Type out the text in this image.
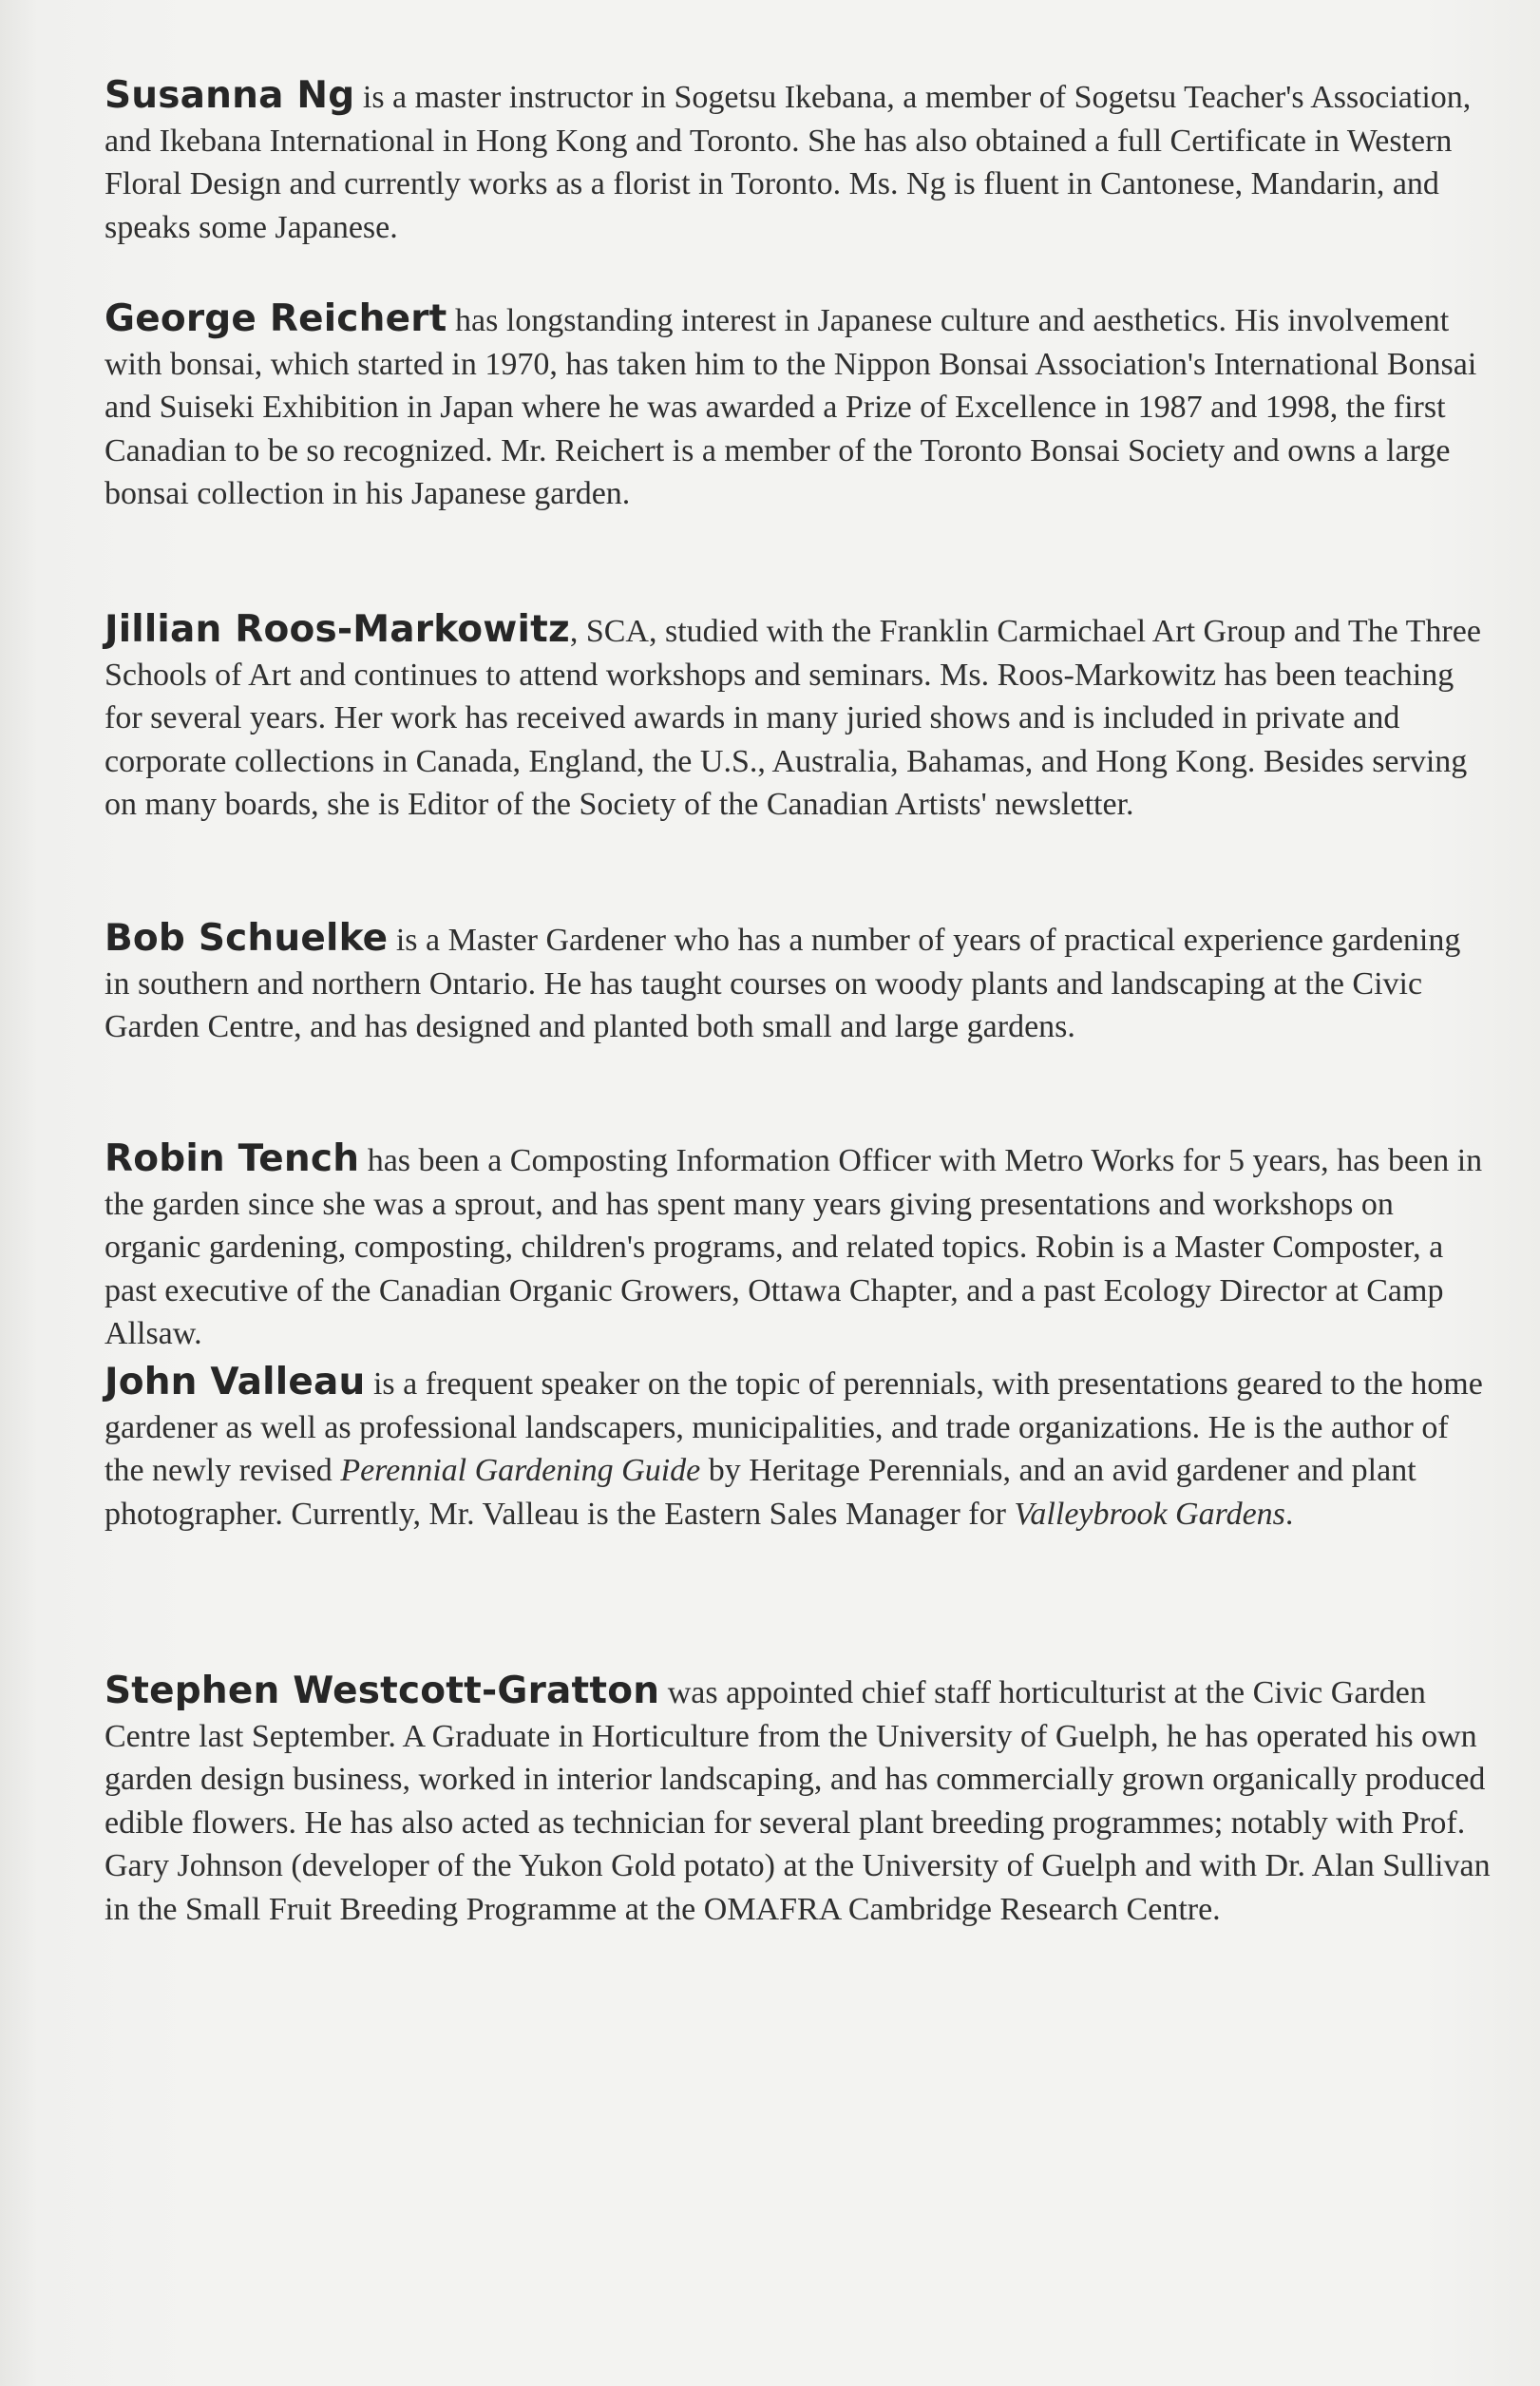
Susanna Ng is a master instructor in Sogetsu Ikebana, a member of Sogetsu Teacher's Association, and Ikebana International in Hong Kong and Toronto. She has also obtained a full Certificate in Western Floral Design and currently works as a florist in Toronto. Ms. Ng is fluent in Cantonese, Mandarin, and speaks some Japanese.

George Reichert has longstanding interest in Japanese culture and aesthetics. His involvement with bonsai, which started in 1970, has taken him to the Nippon Bonsai Association's International Bonsai and Suiseki Exhibition in Japan where he was awarded a Prize of Excellence in 1987 and 1998, the first Canadian to be so recognized. Mr. Reichert is a member of the Toronto Bonsai Society and owns a large bonsai collection in his Japanese garden.

Jillian Roos-Markowitz, SCA, studied with the Franklin Carmichael Art Group and The Three Schools of Art and continues to attend workshops and seminars. Ms. Roos-Markowitz has been teaching for several years. Her work has received awards in many juried shows and is included in private and corporate collections in Canada, England, the U.S., Australia, Bahamas, and Hong Kong. Besides serving on many boards, she is Editor of the Society of the Canadian Artists' newsletter.

Bob Schuelke is a Master Gardener who has a number of years of practical experience gardening in southern and northern Ontario. He has taught courses on woody plants and landscaping at the Civic Garden Centre, and has designed and planted both small and large gardens.

Robin Tench has been a Composting Information Officer with Metro Works for 5 years, has been in the garden since she was a sprout, and has spent many years giving presentations and workshops on organic gardening, composting, children's programs, and related topics. Robin is a Master Composter, a past executive of the Canadian Organic Growers, Ottawa Chapter, and a past Ecology Director at Camp Allsaw.

John Valleau is a frequent speaker on the topic of perennials, with presentations geared to the home gardener as well as professional landscapers, municipalities, and trade organizations. He is the author of the newly revised Perennial Gardening Guide by Heritage Perennials, and an avid gardener and plant photographer. Currently, Mr. Valleau is the Eastern Sales Manager for Valleybrook Gardens.

Stephen Westcott-Gratton was appointed chief staff horticulturist at the Civic Garden Centre last September. A Graduate in Horticulture from the University of Guelph, he has operated his own garden design business, worked in interior landscaping, and has commercially grown organically produced edible flowers. He has also acted as technician for several plant breeding programmes; notably with Prof. Gary Johnson (developer of the Yukon Gold potato) at the University of Guelph and with Dr. Alan Sullivan in the Small Fruit Breeding Programme at the OMAFRA Cambridge Research Centre.
